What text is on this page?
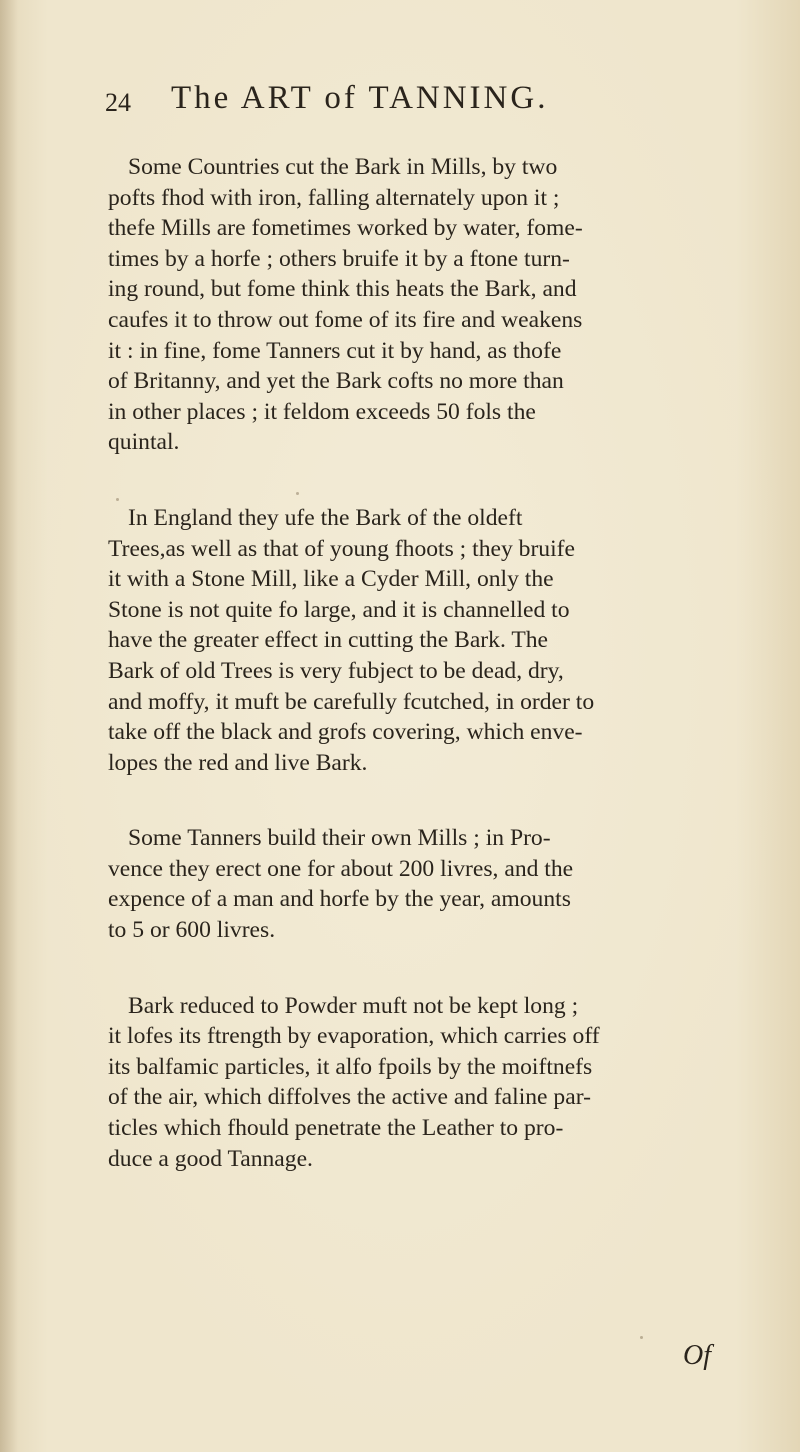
24 The ART of TANNING.
Some Countries cut the Bark in Mills, by two
pofts fhod with iron, falling alternately upon it ;
thefe Mills are fometimes worked by water, fome-
times by a horfe ; others bruife it by a ftone turn-
ing round, but fome think this heats the Bark, and
caufes it to throw out fome of its fire and weakens
it : in fine, fome Tanners cut it by hand, as thofe
of Britanny, and yet the Bark cofts no more than
in other places ; it feldom exceeds 50 fols the
quintal.
In England they ufe the Bark of the oldeft
Trees,as well as that of young fhoots ; they bruife
it with a Stone Mill, like a Cyder Mill, only the
Stone is not quite fo large, and it is channelled to
have the greater effect in cutting the Bark. The
Bark of old Trees is very fubject to be dead, dry,
and moffy, it muft be carefully fcutched, in order to
take off the black and grofs covering, which enve-
lopes the red and live Bark.
Some Tanners build their own Mills ; in Pro-
vence they erect one for about 200 livres, and the
expence of a man and horfe by the year, amounts
to 5 or 600 livres.
Bark reduced to Powder muft not be kept long ;
it lofes its ftrength by evaporation, which carries off
its balfamic particles, it alfo fpoils by the moiftnefs
of the air, which diffolves the active and faline par-
ticles which fhould penetrate the Leather to pro-
duce a good Tannage.
Of
